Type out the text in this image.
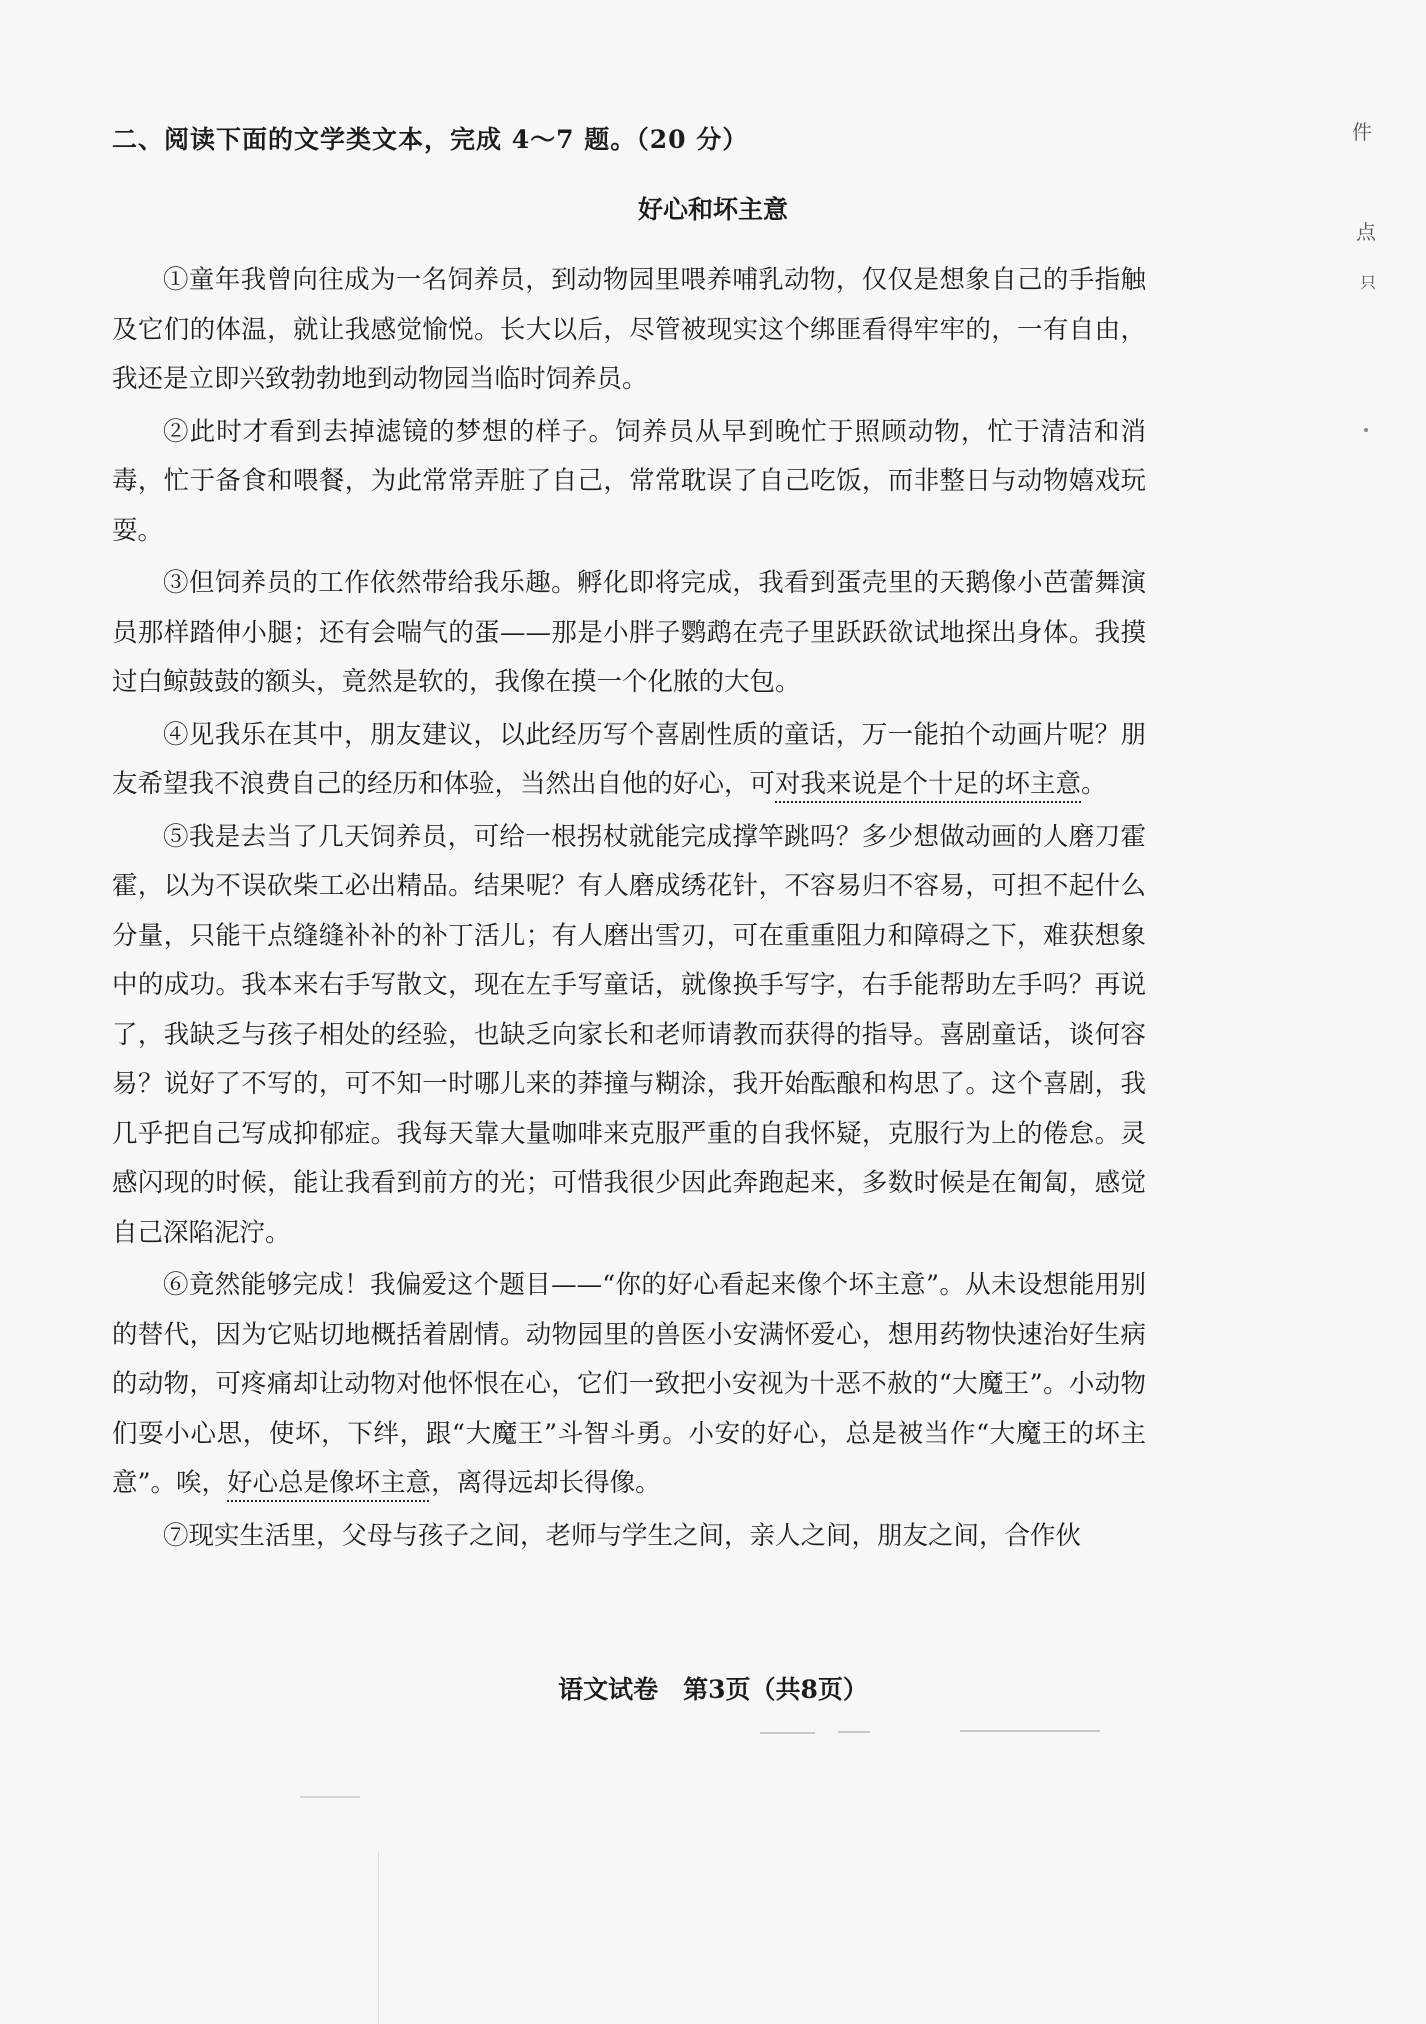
二、阅读下面的文学类文本，完成 4～7 题。（20 分）
好心和坏主意

①童年我曾向往成为一名饲养员，到动物园里喂养哺乳动物，仅仅是想象自己的手指触及它们的体温，就让我感觉愉悦。长大以后，尽管被现实这个绑匪看得牢牢的，一有自由，我还是立即兴致勃勃地到动物园当临时饲养员。

②此时才看到去掉滤镜的梦想的样子。饲养员从早到晚忙于照顾动物，忙于清洁和消毒，忙于备食和喂餐，为此常常弄脏了自己，常常耽误了自己吃饭，而非整日与动物嬉戏玩耍。

③但饲养员的工作依然带给我乐趣。孵化即将完成，我看到蛋壳里的天鹅像小芭蕾舞演员那样踏伸小腿；还有会喘气的蛋——那是小胖子鹦鹉在壳子里跃跃欲试地探出身体。我摸过白鲸鼓鼓的额头，竟然是软的，我像在摸一个化脓的大包。

④见我乐在其中，朋友建议，以此经历写个喜剧性质的童话，万一能拍个动画片呢？朋友希望我不浪费自己的经历和体验，当然出自他的好心，可对我来说是个十足的坏主意。

⑤我是去当了几天饲养员，可给一根拐杖就能完成撑竿跳吗？多少想做动画的人磨刀霍霍，以为不误砍柴工必出精品。结果呢？有人磨成绣花针，不容易归不容易，可担不起什么分量，只能干点缝缝补补的补丁活儿；有人磨出雪刃，可在重重阻力和障碍之下，难获想象中的成功。我本来右手写散文，现在左手写童话，就像换手写字，右手能帮助左手吗？再说了，我缺乏与孩子相处的经验，也缺乏向家长和老师请教而获得的指导。喜剧童话，谈何容易？说好了不写的，可不知一时哪儿来的莽撞与糊涂，我开始酝酿和构思了。这个喜剧，我几乎把自己写成抑郁症。我每天靠大量咖啡来克服严重的自我怀疑，克服行为上的倦怠。灵感闪现的时候，能让我看到前方的光；可惜我很少因此奔跑起来，多数时候是在匍匐，感觉自己深陷泥泞。

⑥竟然能够完成！我偏爱这个题目——“你的好心看起来像个坏主意”。从未设想能用别的替代，因为它贴切地概括着剧情。动物园里的兽医小安满怀爱心，想用药物快速治好生病的动物，可疼痛却让动物对他怀恨在心，它们一致把小安视为十恶不赦的“大魔王”。小动物们耍小心思，使坏，下绊，跟“大魔王”斗智斗勇。小安的好心，总是被当作“大魔王的坏主意”。唉，好心总是像坏主意，离得远却长得像。

⑦现实生活里，父母与孩子之间，老师与学生之间，亲人之间，朋友之间，合作伙

语文试卷　第3页（共8页）
件
点
只
